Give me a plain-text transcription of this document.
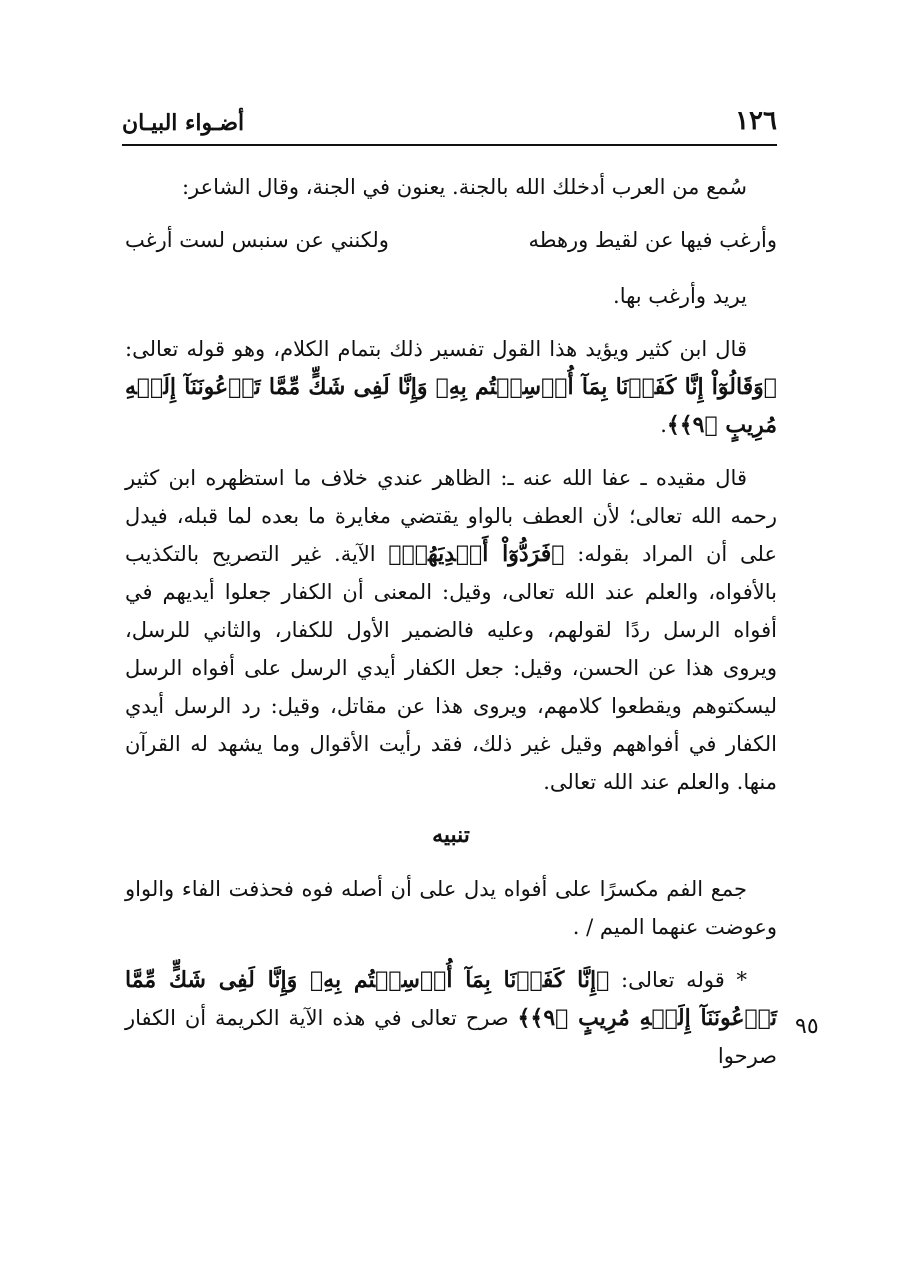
١٢٦
أضـواء البيـان

سُمع من العرب أدخلك الله بالجنة. يعنون في الجنة، وقال الشاعر:

وأرغب فيها عن لقيط ورهطه
ولكنني عن سنبس لست أرغب

يريد وأرغب بها.

قال ابن كثير ويؤيد هذا القول تفسير ذلك بتمام الكلام، وهو قوله تعالى: ﴿وَقَالُوٓاْ إِنَّا كَفَرۡنَا بِمَآ أُرۡسِلۡتُم بِهِۦ وَإِنَّا لَفِى شَكٍّ مِّمَّا تَدۡعُونَنَآ إِلَيۡهِ مُرِيبٍ ﴿٩﴾﴾.

قال مقيده ـ عفا الله عنه ـ: الظاهر عندي خلاف ما استظهره ابن كثير رحمه الله تعالى؛ لأن العطف بالواو يقتضي مغايرة ما بعده لما قبله، فيدل على أن المراد بقوله: ﴿فَرَدُّوٓاْ أَيۡدِيَهُمۡ﴾ الآية. غير التصريح بالتكذيب بالأفواه، والعلم عند الله تعالى، وقيل: المعنى أن الكفار جعلوا أيديهم في أفواه الرسل ردًا لقولهم، وعليه فالضمير الأول للكفار، والثاني للرسل، ويروى هذا عن الحسن، وقيل: جعل الكفار أيدي الرسل على أفواه الرسل ليسكتوهم ويقطعوا كلامهم، ويروى هذا عن مقاتل، وقيل: رد الرسل أيدي الكفار في أفواههم وقيل غير ذلك، فقد رأيت الأقوال وما يشهد له القرآن منها. والعلم عند الله تعالى.

تنبيه

جمع الفم مكسرًا على أفواه يدل على أن أصله فوه فحذفت الفاء والواو وعوضت عنهما الميم / .

* قوله تعالى: ﴿إِنَّا كَفَرۡنَا بِمَآ أُرۡسِلۡتُم بِهِۦ وَإِنَّا لَفِى شَكٍّ مِّمَّا تَدۡعُونَنَآ إِلَيۡهِ مُرِيبٍ ﴿٩﴾﴾ صرح تعالى في هذه الآية الكريمة أن الكفار صرحوا

٩٥
